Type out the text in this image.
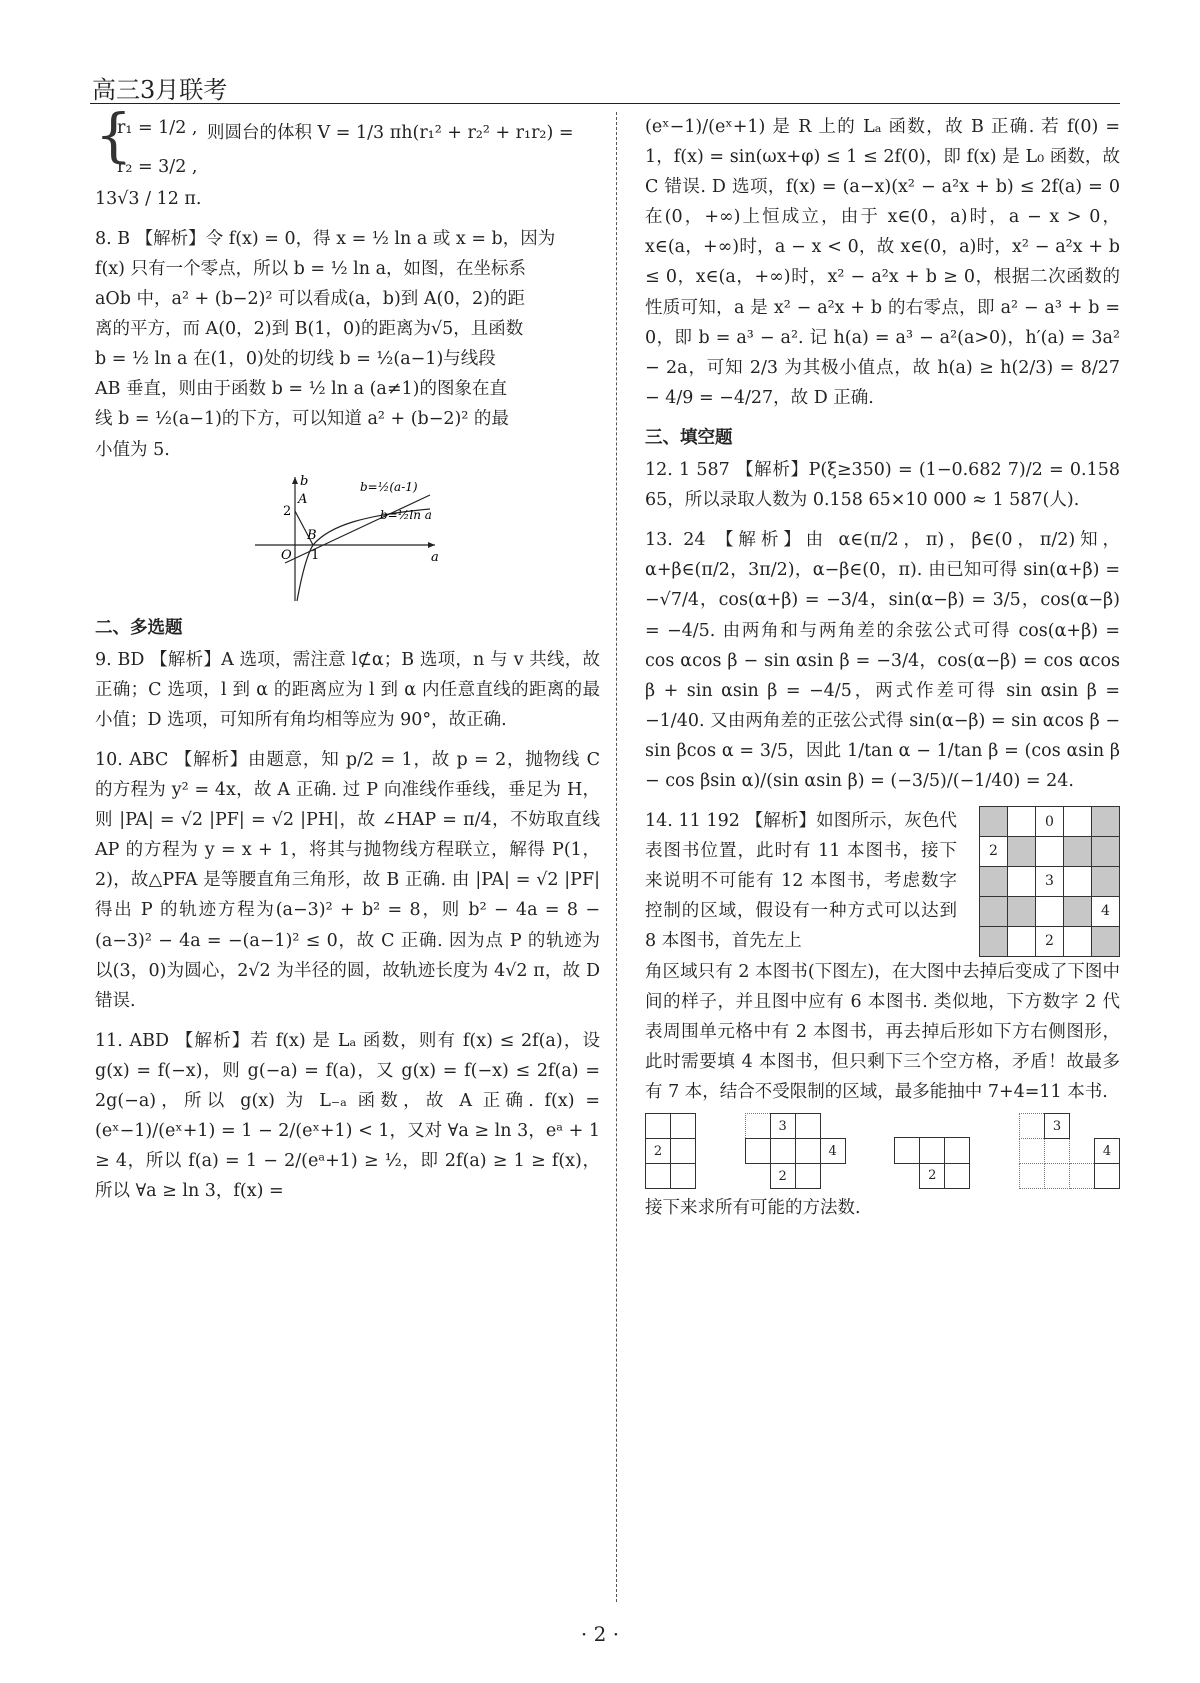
高三3月联考
{

r₁ = 1/2 , 则圆台的体积 V = 1/3 πh(r₁² + r₂² + r₁r₂) =

r₂ = 3/2 ,

13√3 / 12 π.

8. B 【解析】令 f(x) = 0，得 x = ½ ln a 或 x = b，因为

f(x) 只有一个零点，所以 b = ½ ln a，如图，在坐标系

aOb 中，a² + (b−2)² 可以看成(a，b)到 A(0，2)的距

离的平方，而 A(0，2)到 B(1，0)的距离为√5，且函数

b = ½ ln a 在(1，0)处的切线 b = ½(a−1)与线段

AB 垂直，则由于函数 b = ½ ln a (a≠1)的图象在直

线 b = ½(a−1)的下方，可以知道 a² + (b−2)² 的最

小值为 5.

b
a
2
A
B
O 1
b=½(a-1)
b=½ln a

二、多选题

9. BD 【解析】A 选项，需注意 l⊄α；B 选项，n 与 v 共线，故正确；C 选项，l 到 α 的距离应为 l 到 α 内任意直线的距离的最小值；D 选项，可知所有角均相等应为 90°，故正确.

10. ABC 【解析】由题意，知 p/2 = 1，故 p = 2，抛物线 C 的方程为 y² = 4x，故 A 正确. 过 P 向准线作垂线，垂足为 H，则 |PA| = √2 |PF| = √2 |PH|，故 ∠HAP = π/4，不妨取直线 AP 的方程为 y = x + 1，将其与抛物线方程联立，解得 P(1，2)，故△PFA 是等腰直角三角形，故 B 正确. 由 |PA| = √2 |PF| 得出 P 的轨迹方程为(a−3)² + b² = 8，则 b² − 4a = 8 − (a−3)² − 4a = −(a−1)² ≤ 0，故 C 正确. 因为点 P 的轨迹为以(3，0)为圆心，2√2 为半径的圆，故轨迹长度为 4√2 π，故 D 错误.

11. ABD 【解析】若 f(x) 是 Lₐ 函数，则有 f(x) ≤ 2f(a)，设 g(x) = f(−x)，则 g(−a) = f(a)，又 g(x) = f(−x) ≤ 2f(a) = 2g(−a)，所以 g(x) 为 L₋ₐ 函数，故 A 正确. f(x) = (eˣ−1)/(eˣ+1) = 1 − 2/(eˣ+1) < 1，又对 ∀a ≥ ln 3，eᵃ + 1 ≥ 4，所以 f(a) = 1 − 2/(eᵃ+1) ≥ ½，即 2f(a) ≥ 1 ≥ f(x)，所以 ∀a ≥ ln 3，f(x) =

(eˣ−1)/(eˣ+1) 是 R 上的 Lₐ 函数，故 B 正确. 若 f(0) = 1，f(x) = sin(ωx+φ) ≤ 1 ≤ 2f(0)，即 f(x) 是 L₀ 函数，故 C 错误. D 选项，f(x) = (a−x)(x² − a²x + b) ≤ 2f(a) = 0 在(0，+∞)上恒成立，由于 x∈(0，a)时，a − x > 0，x∈(a，+∞)时，a − x < 0，故 x∈(0，a)时，x² − a²x + b ≤ 0，x∈(a，+∞)时，x² − a²x + b ≥ 0，根据二次函数的性质可知，a 是 x² − a²x + b 的右零点，即 a² − a³ + b = 0，即 b = a³ − a². 记 h(a) = a³ − a²(a>0)，h′(a) = 3a² − 2a，可知 2/3 为其极小值点，故 h(a) ≥ h(2/3) = 8/27 − 4/9 = −4/27，故 D 正确.

三、填空题

12. 1 587 【解析】P(ξ≥350) = (1−0.682 7)/2 = 0.158 65，所以录取人数为 0.158 65×10 000 ≈ 1 587(人).

13. 24 【解析】由 α∈(π/2，π)，β∈(0，π/2)知，α+β∈(π/2，3π/2)，α−β∈(0，π). 由已知可得 sin(α+β) = −√7/4，cos(α+β) = −3/4，sin(α−β) = 3/5，cos(α−β) = −4/5. 由两角和与两角差的余弦公式可得 cos(α+β) = cos αcos β − sin αsin β = −3/4，cos(α−β) = cos αcos β + sin αsin β = −4/5，两式作差可得 sin αsin β = −1/40. 又由两角差的正弦公式得 sin(α−β) = sin αcos β − sin βcos α = 3/5，因此 1/tan α − 1/tan β = (cos αsin β − cos βsin α)/(sin αsin β) = (−3/5)/(−1/40) = 24.

14. 11 192 【解析】如图所示，灰色代表图书位置，此时有 11 本图书，接下来说明不可能有 12 本图书，考虑数字控制的区域，假设有一种方式可以达到 8 本图书，首先左上

		0		
2				
		3		
				4
		2		

角区域只有 2 本图书(下图左)，在大图中去掉后变成了下图中间的样子，并且图中应有 6 本图书. 类似地，下方数字 2 代表周围单元格中有 2 本图书，再去掉后形如下方右侧图形，此时需要填 4 本图书，但只剩下三个空方格，矛盾！故最多有 7 本，结合不受限制的区域，最多能抽中 7+4=11 本书.

2	

	3		
			4
	2		

		2	
	3		
			4

接下来求所有可能的方法数.

· 2 ·
